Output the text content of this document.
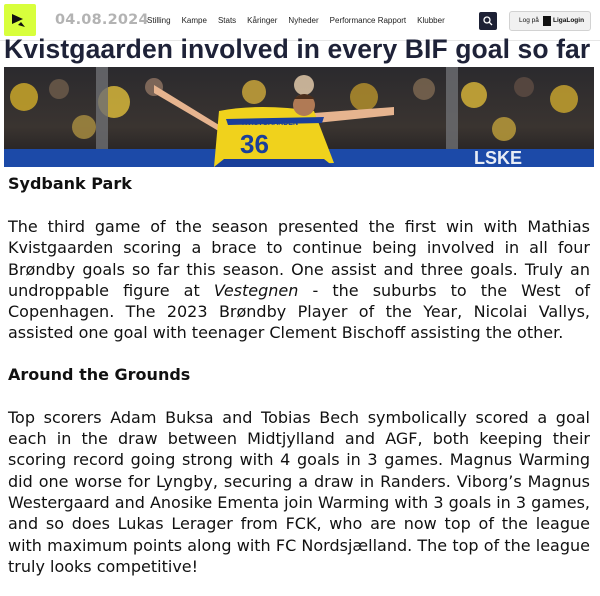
04.08.2024
Stilling Kampe Stats Kåringer Nyheder Performance Rapport Klubber	Log på LigaLogin
Kvistgaarden involved in every BIF goal so far
LSKE
36
KVISTGAARDEN
Sydbank Park

The third game of the season presented the first win with Mathias Kvistgaarden scoring a brace to continue being involved in all four Brøndby goals so far this season. One assist and three goals. Truly an undroppable figure at Vestegnen - the suburbs to the West of Copenhagen. The 2023 Brøndby Player of the Year, Nicolai Vallys, assisted one goal with teenager Clement Bischoff assisting the other.

Around the Grounds

Top scorers Adam Buksa and Tobias Bech symbolically scored a goal each in the draw between Midtjylland and AGF, both keeping their scoring record going strong with 4 goals in 3 games. Magnus Warming did one worse for Lyngby, securing a draw in Randers. Viborg’s Magnus Westergaard and Anosike Ementa join Warming with 3 goals in 3 games, and so does Lukas Lerager from FCK, who are now top of the league with maximum points along with FC Nordsjælland. The top of the league truly looks competitive!
